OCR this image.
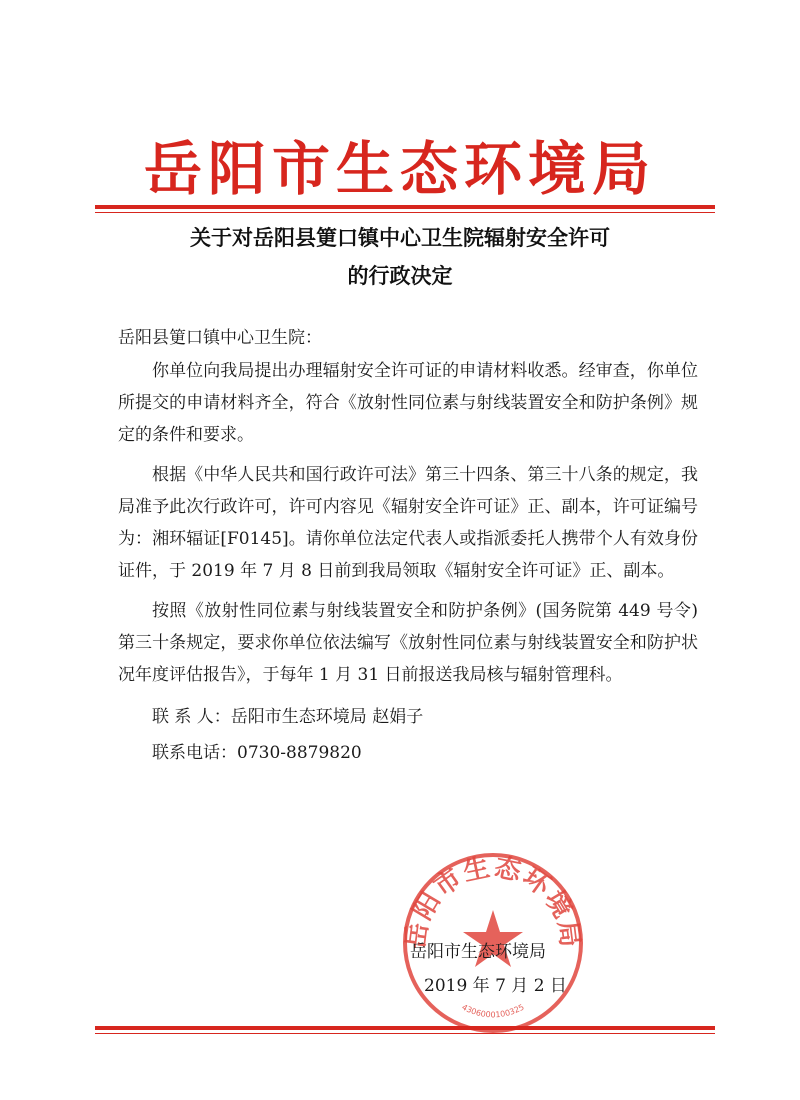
岳阳市生态环境局
关于对岳阳县筻口镇中心卫生院辐射安全许可
的行政决定
岳阳县筻口镇中心卫生院：

你单位向我局提出办理辐射安全许可证的申请材料收悉。经审查，你单位所提交的申请材料齐全，符合《放射性同位素与射线装置安全和防护条例》规定的条件和要求。

根据《中华人民共和国行政许可法》第三十四条、第三十八条的规定，我局准予此次行政许可，许可内容见《辐射安全许可证》正、副本，许可证编号为：湘环辐证[F0145]。请你单位法定代表人或指派委托人携带个人有效身份证件，于 2019 年 7 月 8 日前到我局领取《辐射安全许可证》正、副本。

按照《放射性同位素与射线装置安全和防护条例》(国务院第 449 号令)第三十条规定，要求你单位依法编写《放射性同位素与射线装置安全和防护状况年度评估报告》，于每年 1 月 31 日前报送我局核与辐射管理科。

联 系 人：岳阳市生态环境局 赵娟子

联系电话：0730-8879820

岳阳市生态环境局
4306000100325
岳阳市生态环境局
2019 年 7 月 2 日
